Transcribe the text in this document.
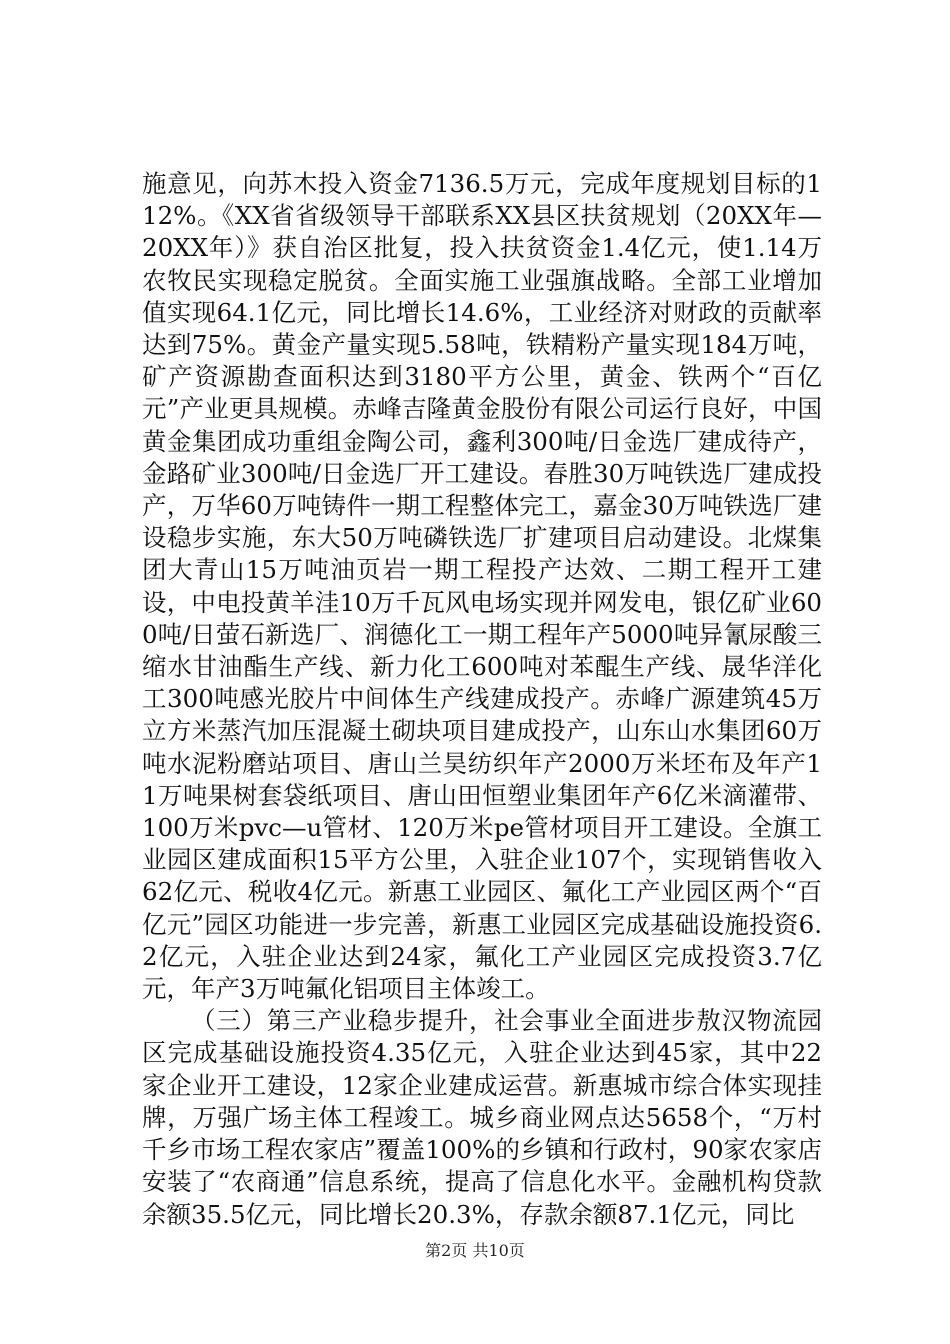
施意见，向苏木投入资金7136.5万元，完成年度规划目标的112%。《XX省省级领导干部联系XX县区扶贫规划（20XX年—20XX年）》获自治区批复，投入扶贫资金1.4亿元，使1.14万农牧民实现稳定脱贫。全面实施工业强旗战略。全部工业增加值实现64.1亿元，同比增长14.6%，工业经济对财政的贡献率达到75%。黄金产量实现5.58吨，铁精粉产量实现184万吨，矿产资源勘查面积达到3180平方公里，黄金、铁两个“百亿元”产业更具规模。赤峰吉隆黄金股份有限公司运行良好，中国黄金集团成功重组金陶公司，鑫利300吨/日金选厂建成待产，金路矿业300吨/日金选厂开工建设。春胜30万吨铁选厂建成投产，万华60万吨铸件一期工程整体完工，嘉金30万吨铁选厂建设稳步实施，东大50万吨磷铁选厂扩建项目启动建设。北煤集团大青山15万吨油页岩一期工程投产达效、二期工程开工建设，中电投黄羊洼10万千瓦风电场实现并网发电，银亿矿业600吨/日萤石新选厂、润德化工一期工程年产5000吨异氰尿酸三缩水甘油酯生产线、新力化工600吨对苯醌生产线、晟华洋化工300吨感光胶片中间体生产线建成投产。赤峰广源建筑45万立方米蒸汽加压混凝土砌块项目建成投产，山东山水集团60万吨水泥粉磨站项目、唐山兰昊纺织年产2000万米坯布及年产11万吨果树套袋纸项目、唐山田恒塑业集团年产6亿米滴灌带、100万米pvc—u管材、120万米pe管材项目开工建设。全旗工业园区建成面积15平方公里，入驻企业107个，实现销售收入62亿元、税收4亿元。新惠工业园区、氟化工产业园区两个“百亿元”园区功能进一步完善，新惠工业园区完成基础设施投资6.2亿元，入驻企业达到24家，氟化工产业园区完成投资3.7亿元，年产3万吨氟化铝项目主体竣工。

（三）第三产业稳步提升，社会事业全面进步敖汉物流园区完成基础设施投资4.35亿元，入驻企业达到45家，其中22家企业开工建设，12家企业建成运营。新惠城市综合体实现挂牌，万强广场主体工程竣工。城乡商业网点达5658个，“万村千乡市场工程农家店”覆盖100%的乡镇和行政村，90家农家店安装了“农商通”信息系统，提高了信息化水平。金融机构贷款余额35.5亿元，同比增长20.3%，存款余额87.1亿元，同比

第2页 共10页
